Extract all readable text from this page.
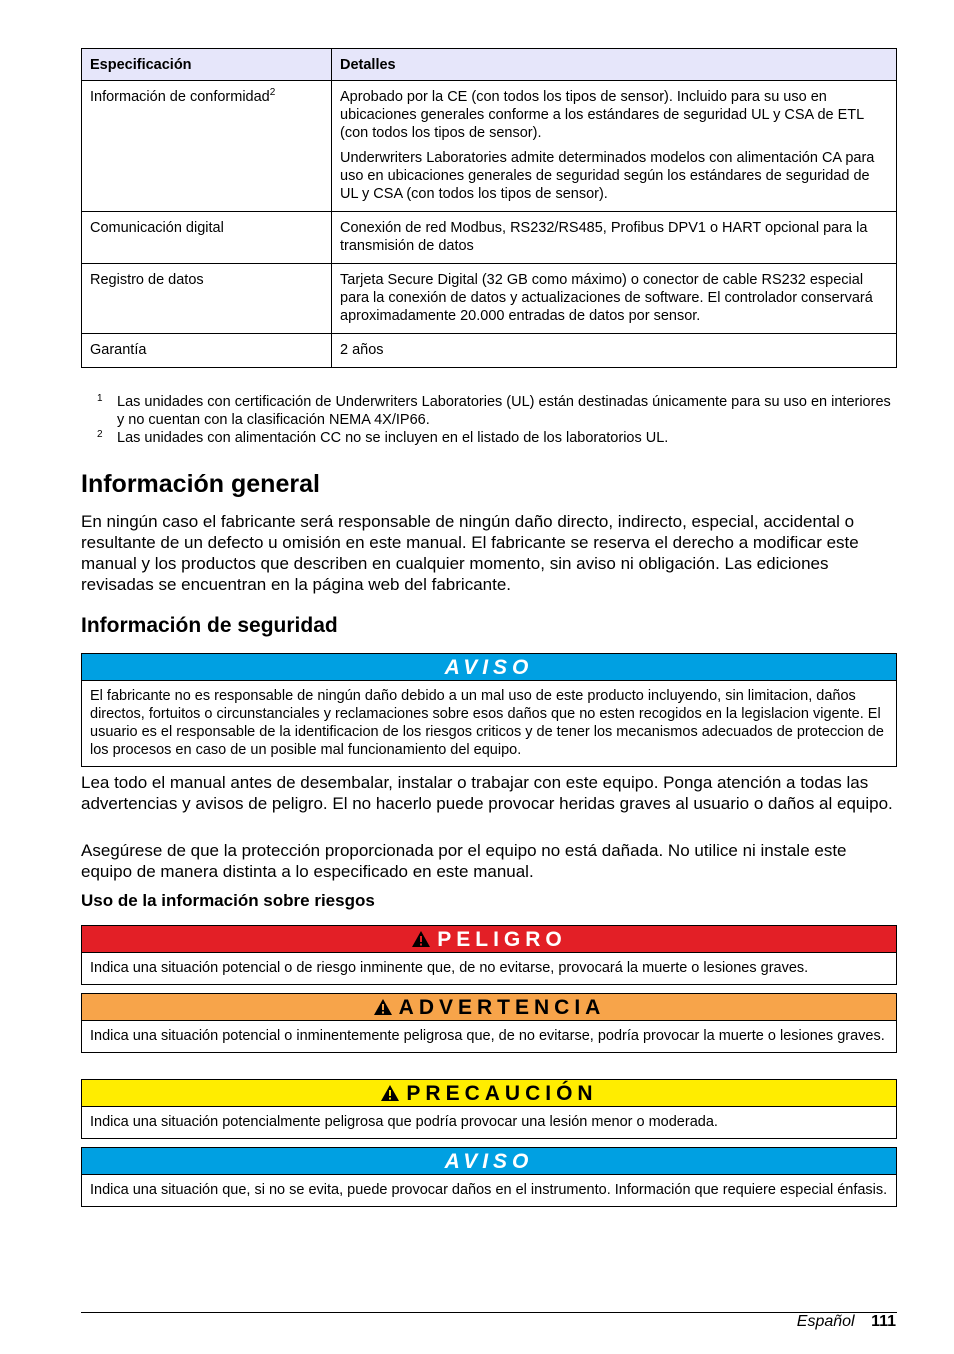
Especificación	Detalles
Información de conformidad$^2$	Aprobado por la CE (con todos los tipos de sensor). Incluido para su uso en ubicaciones generales conforme a los estándares de seguridad UL y CSA de ETL (con todos los tipos de sensor).

Underwriters Laboratories admite determinados modelos con alimentación CA para uso en ubicaciones generales de seguridad según los estándares de seguridad de UL y CSA (con todos los tipos de sensor).

Comunicación digital	Conexión de red Modbus, RS232/RS485, Profibus DPV1 o HART opcional para la transmisión de datos

Registro de datos	Tarjeta Secure Digital (32 GB como máximo) o conector de cable RS232 especial para la conexión de datos y actualizaciones de software. El controlador conservará aproximadamente 20.000 entradas de datos por sensor.

Garantía	2 años

1 Las unidades con certificación de Underwriters Laboratories (UL) están destinadas únicamente para su uso en interiores y no cuentan con la clasificación NEMA 4X/IP66.
2 Las unidades con alimentación CC no se incluyen en el listado de los laboratorios UL.
Información general

En ningún caso el fabricante será responsable de ningún daño directo, indirecto, especial, accidental o resultante de un defecto u omisión en este manual. El fabricante se reserva el derecho a modificar este manual y los productos que describen en cualquier momento, sin aviso ni obligación. Las ediciones revisadas se encuentran en la página web del fabricante.

Información de seguridad
AVISO
El fabricante no es responsable de ningún daño debido a un mal uso de este producto incluyendo, sin limitacion, daños directos, fortuitos o circunstanciales y reclamaciones sobre esos daños que no esten recogidos en la legislacion vigente. El usuario es el responsable de la identificacion de los riesgos criticos y de tener los mecanismos adecuados de proteccion de los procesos en caso de un posible mal funcionamiento del equipo.

Lea todo el manual antes de desembalar, instalar o trabajar con este equipo. Ponga atención a todas las advertencias y avisos de peligro. El no hacerlo puede provocar heridas graves al usuario o daños al equipo.

Asegúrese de que la protección proporcionada por el equipo no está dañada. No utilice ni instale este equipo de manera distinta a lo especificado en este manual.

Uso de la información sobre riesgos
PELIGRO
Indica una situación potencial o de riesgo inminente que, de no evitarse, provocará la muerte o lesiones graves.
ADVERTENCIA
Indica una situación potencial o inminentemente peligrosa que, de no evitarse, podría provocar la muerte o lesiones graves.
PRECAUCIÓN
Indica una situación potencialmente peligrosa que podría provocar una lesión menor o moderada.
AVISO
Indica una situación que, si no se evita, puede provocar daños en el instrumento. Información que requiere especial énfasis.
Español 111
